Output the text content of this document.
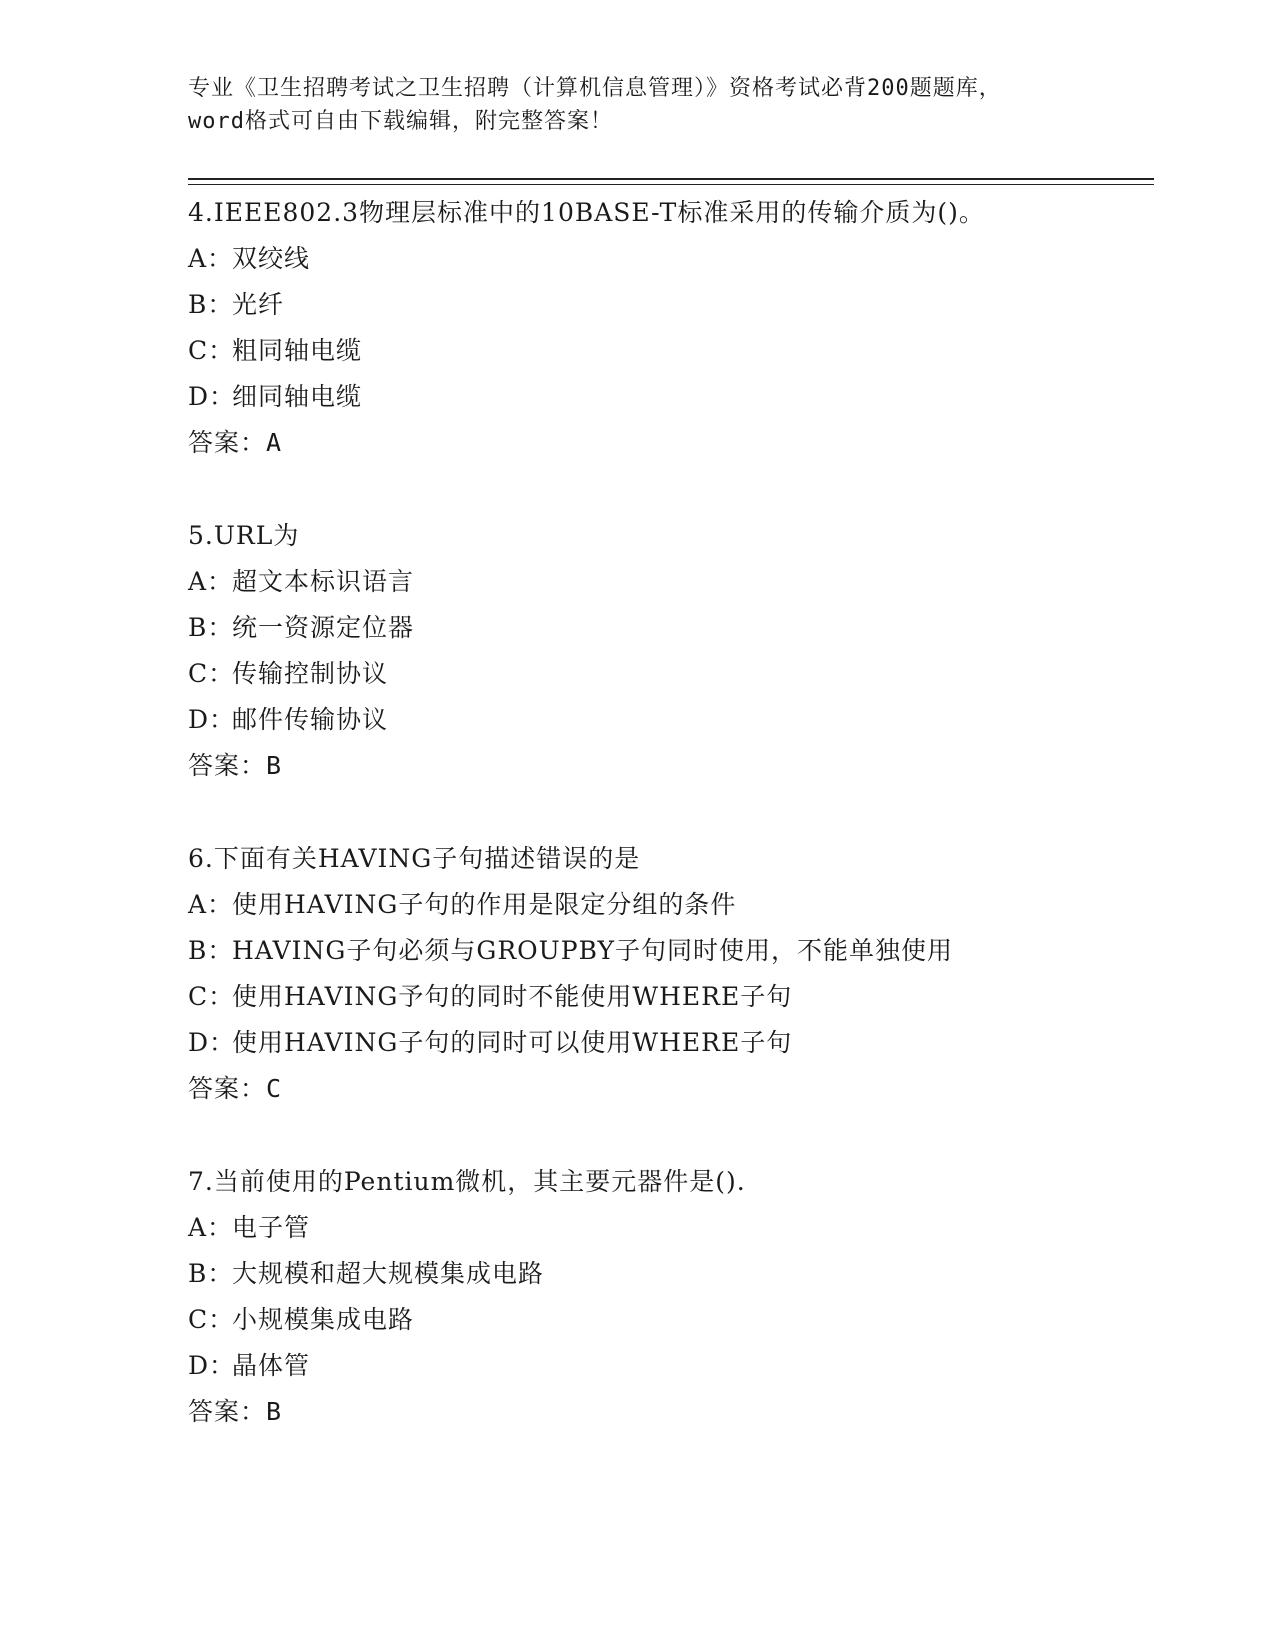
专业《卫生招聘考试之卫生招聘（计算机信息管理）》资格考试必背200题题库，
word格式可自由下载编辑，附完整答案！
4.IEEE802.3物理层标准中的10BASE-T标准采用的传输介质为()。
A：双绞线
B：光纤
C：粗同轴电缆
D：细同轴电缆
答案：A
5.URL为
A：超文本标识语言
B：统一资源定位器
C：传输控制协议
D：邮件传输协议
答案：B
6.下面有关HAVING子句描述错误的是
A：使用HAVING子句的作用是限定分组的条件
B：HAVING子句必须与GROUPBY子句同时使用，不能单独使用
C：使用HAVING予句的同时不能使用WHERE子句
D：使用HAVING子句的同时可以使用WHERE子句
答案：C
7.当前使用的Pentium微机，其主要元器件是().
A：电子管
B：大规模和超大规模集成电路
C：小规模集成电路
D：晶体管
答案：B
